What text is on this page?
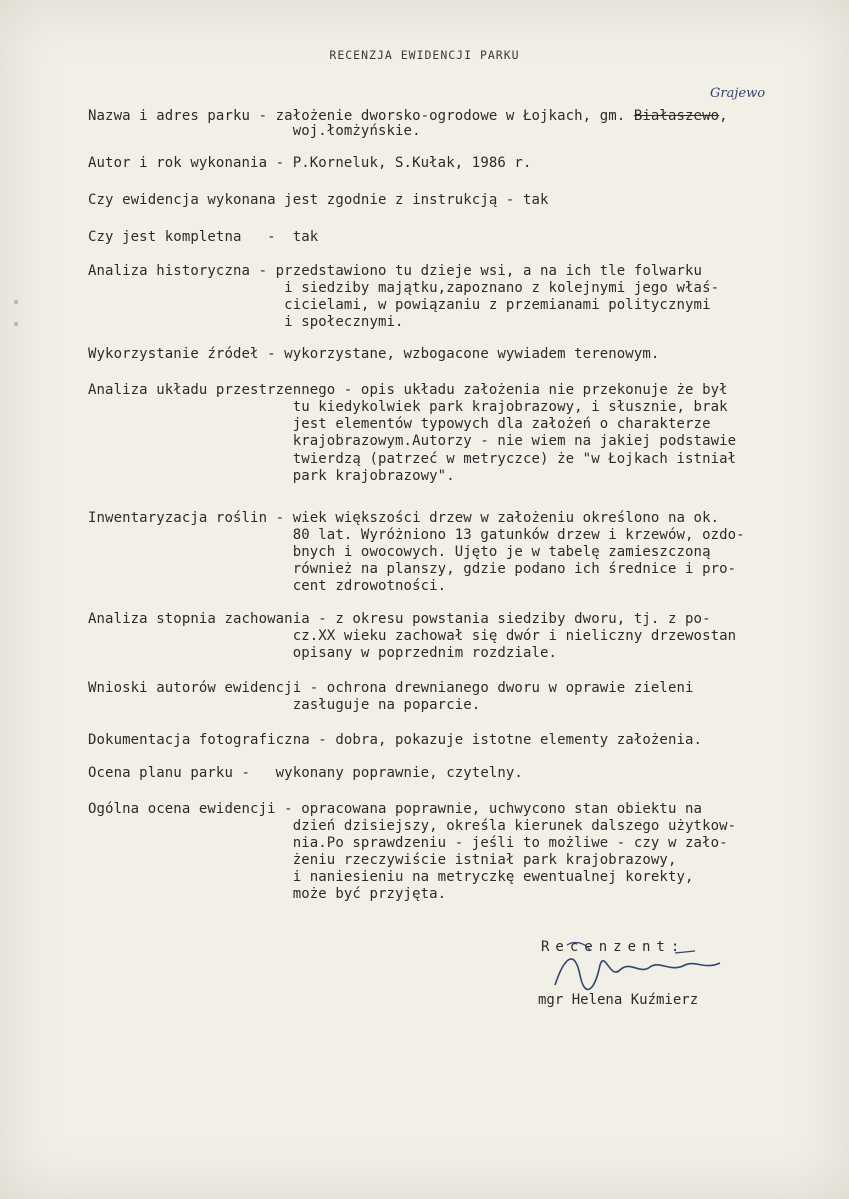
RECENZJA EWIDENCJI PARKU
Grajewo
Nazwa i adres parku - założenie dworsko-ogrodowe w Łojkach, gm. Białaszewo,
woj.łomżyńskie.
Autor i rok wykonania - P.Korneluk, S.Kułak, 1986 r.
Czy ewidencja wykonana jest zgodnie z instrukcją - tak
Czy jest kompletna   -  tak
Analiza historyczna - przedstawiono tu dzieje wsi, a na ich tle folwarku
i siedziby majątku,zapoznano z kolejnymi jego właś-
cicielami, w powiązaniu z przemianami politycznymi
i społecznymi.
Wykorzystanie źródeł - wykorzystane, wzbogacone wywiadem terenowym.
Analiza układu przestrzennego - opis układu założenia nie przekonuje że był
tu kiedykolwiek park krajobrazowy, i słusznie, brak
jest elementów typowych dla założeń o charakterze
krajobrazowym.Autorzy - nie wiem na jakiej podstawie
twierdzą (patrzeć w metryczce) że "w Łojkach istniał
park krajobrazowy".
Inwentaryzacja roślin - wiek większości drzew w założeniu określono na ok.
80 lat. Wyróżniono 13 gatunków drzew i krzewów, ozdo-
bnych i owocowych. Ujęto je w tabelę zamieszczoną
również na planszy, gdzie podano ich średnice i pro-
cent zdrowotności.
Analiza stopnia zachowania - z okresu powstania siedziby dworu, tj. z po-
cz.XX wieku zachował się dwór i nieliczny drzewostan
opisany w poprzednim rozdziale.
Wnioski autorów ewidencji - ochrona drewnianego dworu w oprawie zieleni
zasługuje na poparcie.
Dokumentacja fotograficzna - dobra, pokazuje istotne elementy założenia.
Ocena planu parku -   wykonany poprawnie, czytelny.
Ogólna ocena ewidencji - opracowana poprawnie, uchwycono stan obiektu na
dzień dzisiejszy, określa kierunek dalszego użytkow-
nia.Po sprawdzeniu - jeśli to możliwe - czy w zało-
żeniu rzeczywiście istniał park krajobrazowy,
i naniesieniu na metryczkę ewentualnej korekty,
może być przyjęta.
Recenzent:
mgr Helena Kuźmierz
